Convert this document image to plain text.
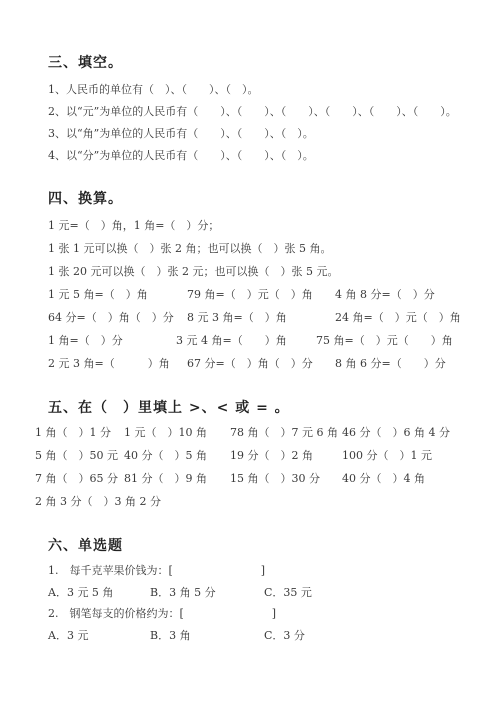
三、填空。
1、人民币的单位有（　）、（　　）、（　）。
2、以“元”为单位的人民币有（　　）、（　　）、（　　）、（　　）、（　　）、（　　）。
3、以“角”为单位的人民币有（　　）、（　　）、（　）。
4、以“分”为单位的人民币有（　　）、（　　）、（　）。
四、换算。
1 元=（　）角，1 角=（　）分；
1 张 1 元可以换（　）张 2 角；也可以换（　）张 5 角。
1 张 20 元可以换（　）张 2 元；也可以换（　）张 5 元。
1 元 5 角=（　）角	79 角=（　）元（　）角 4 角 8 分=（　）分
64 分=（　）角（　）分 8 元 3 角=（　）角	24 角=（　）元（　）角
1 角=（　）分	3 元 4 角=（　　）角	75 角=（　）元（　　）角
2 元 3 角=（　　　）角 67 分=（　）角（　）分 8 角 6 分=（　　）分
五、在（　）里填上 >、< 或 = 。
1 角（　）1 分 1 元（　）10 角 78 角（　）7 元 6 角 46 分（　）6 角 4 分
5 角（　）50 元 40 分（　）5 角 19 分（　）2 角	100 分（　）1 元
7 角（　）65 分 81 分（　）9 角 15 角（　）30 分 40 分（　）4 角
2 角 3 分（　）3 角 2 分
六、单选题
1.　每千克苹果价钱为：[　　　　　　　　]
A．3 元 5 角	B．3 角 5 分	C．35 元
2.　钢笔每支的价格约为：[　　　　　　　　]
A．3 元	B．3 角	C．3 分
